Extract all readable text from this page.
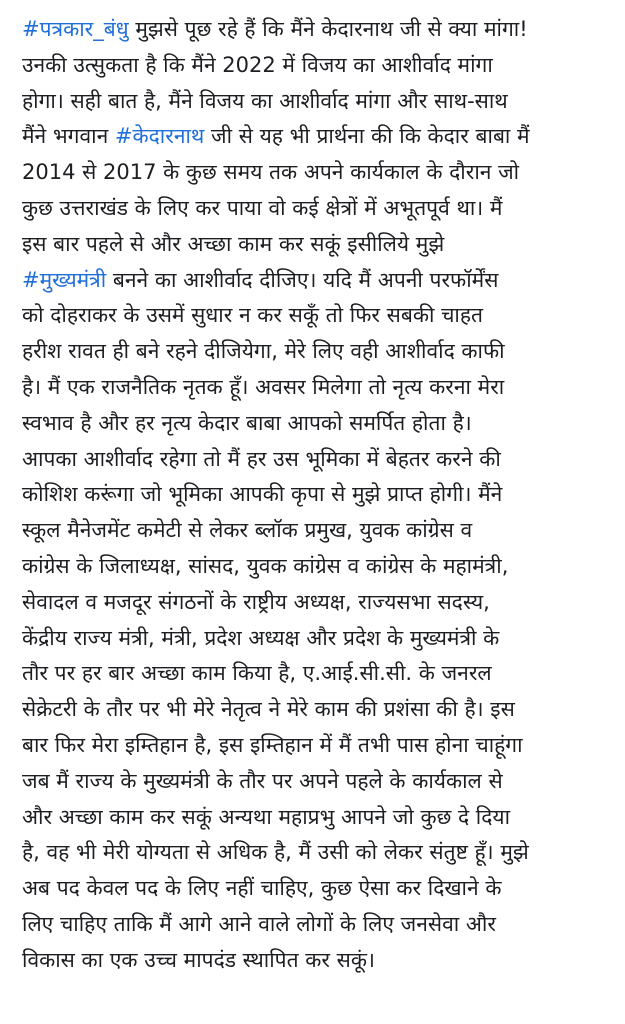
#पत्रकार_बंधु मुझसे पूछ रहे हैं कि मैंने केदारनाथ जी से क्या मांगा!
उनकी उत्सुकता है कि मैंने 2022 में विजय का आशीर्वाद मांगा
होगा। सही बात है, मैंने विजय का आशीर्वाद मांगा और साथ-साथ
मैंने भगवान #केदारनाथ जी से यह भी प्रार्थना की कि केदार बाबा मैं
2014 से 2017 के कुछ समय तक अपने कार्यकाल के दौरान जो
कुछ उत्तराखंड के लिए कर पाया वो कई क्षेत्रों में अभूतपूर्व था। मैं
इस बार पहले से और अच्छा काम कर सकूं इसीलिये मुझे
#मुख्यमंत्री बनने का आशीर्वाद दीजिए। यदि मैं अपनी परफॉर्मेंस
को दोहराकर के उसमें सुधार न कर सकूँ तो फिर सबकी चाहत
हरीश रावत ही बने रहने दीजियेगा, मेरे लिए वही आशीर्वाद काफी
है। मैं एक राजनैतिक नृतक हूँ। अवसर मिलेगा तो नृत्य करना मेरा
स्वभाव है और हर नृत्य केदार बाबा आपको समर्पित होता है।
आपका आशीर्वाद रहेगा तो मैं हर उस भूमिका में बेहतर करने की
कोशिश करूंगा जो भूमिका आपकी कृपा से मुझे प्राप्त होगी। मैंने
स्कूल मैनेजमेंट कमेटी से लेकर ब्लॉक प्रमुख, युवक कांग्रेस व
कांग्रेस के जिलाध्यक्ष, सांसद, युवक कांग्रेस व कांग्रेस के महामंत्री,
सेवादल व मजदूर संगठनों के राष्ट्रीय अध्यक्ष, राज्यसभा सदस्य,
केंद्रीय राज्य मंत्री, मंत्री, प्रदेश अध्यक्ष और प्रदेश के मुख्यमंत्री के
तौर पर हर बार अच्छा काम किया है, ए.आई.सी.सी. के जनरल
सेक्रेटरी के तौर पर भी मेरे नेतृत्व ने मेरे काम की प्रशंसा की है। इस
बार फिर मेरा इम्तिहान है, इस इम्तिहान में मैं तभी पास होना चाहूंगा
जब मैं राज्य के मुख्यमंत्री के तौर पर अपने पहले के कार्यकाल से
और अच्छा काम कर सकूं अन्यथा महाप्रभु आपने जो कुछ दे दिया
है, वह भी मेरी योग्यता से अधिक है, मैं उसी को लेकर संतुष्ट हूँ। मुझे
अब पद केवल पद के लिए नहीं चाहिए, कुछ ऐसा कर दिखाने के
लिए चाहिए ताकि मैं आगे आने वाले लोगों के लिए जनसेवा और
विकास का एक उच्च मापदंड स्थापित कर सकूं।
